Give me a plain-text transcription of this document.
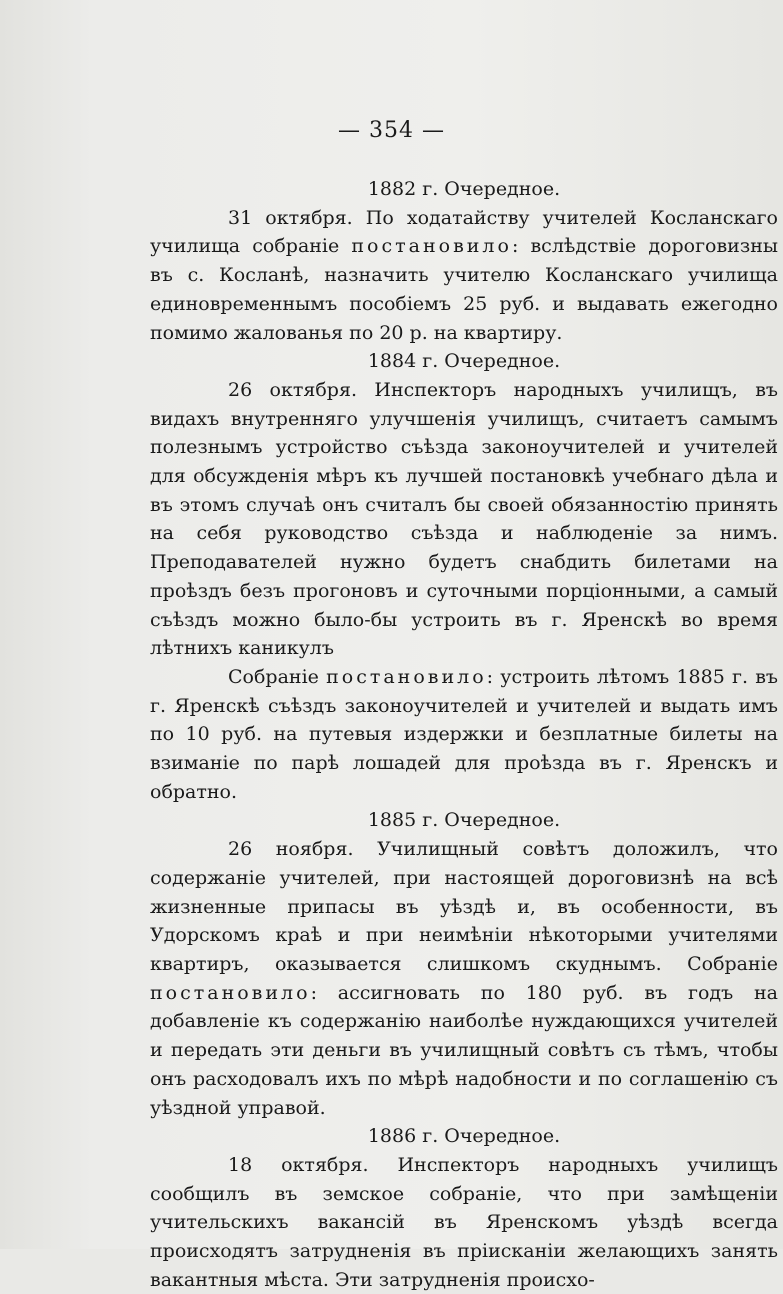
— 354 —

1882 г. Очередное.

31 октября. По ходатайству учителей Косланскаго училища собраніе постановило: вслѣдствіе дороговизны въ с. Косланѣ, назначить учителю Косланскаго училища единовременнымъ пособіемъ 25 руб. и выдавать ежегодно помимо жалованья по 20 р. на квартиру.

1884 г. Очередное.

26 октября. Инспекторъ народныхъ училищъ, въ видахъ внутренняго улучшенія училищъ, считаетъ самымъ полезнымъ устройство съѣзда законоучителей и учителей для обсужденія мѣръ къ лучшей постановкѣ учебнаго дѣла и въ этомъ случаѣ онъ считалъ бы своей обязанностію принять на себя руководство съѣзда и наблюденіе за нимъ. Преподавателей нужно будетъ снабдить билетами на проѣздъ безъ прогоновъ и суточными порціонными, а самый съѣздъ можно было-бы устроить въ г. Яренскѣ во время лѣтнихъ каникулъ

Собраніе постановило: устроить лѣтомъ 1885 г. въ г. Яренскѣ съѣздъ законоучителей и учителей и выдать имъ по 10 руб. на путевыя издержки и безплатные билеты на взиманіе по парѣ лошадей для проѣзда въ г. Яренскъ и обратно.

1885 г. Очередное.

26 ноября. Училищный совѣтъ доложилъ, что содержаніе учителей, при настоящей дороговизнѣ на всѣ жизненные припасы въ уѣздѣ и, въ особенности, въ Удорскомъ краѣ и при неимѣніи нѣкоторыми учителями квартиръ, оказывается слишкомъ скуднымъ. Собраніе постановило: ассигновать по 180 руб. въ годъ на добавленіе къ содержанію наиболѣе нуждающихся учителей и передать эти деньги въ училищный совѣтъ съ тѣмъ, чтобы онъ расходовалъ ихъ по мѣрѣ надобности и по соглашенію съ уѣздной управой.

1886 г. Очередное.

18 октября. Инспекторъ народныхъ училищъ сообщилъ въ земское собраніе, что при замѣщеніи учительскихъ вакансій въ Яренскомъ уѣздѣ всегда происходятъ затрудненія въ пріисканіи желающихъ занять вакантныя мѣста. Эти затрудненія происхо-
